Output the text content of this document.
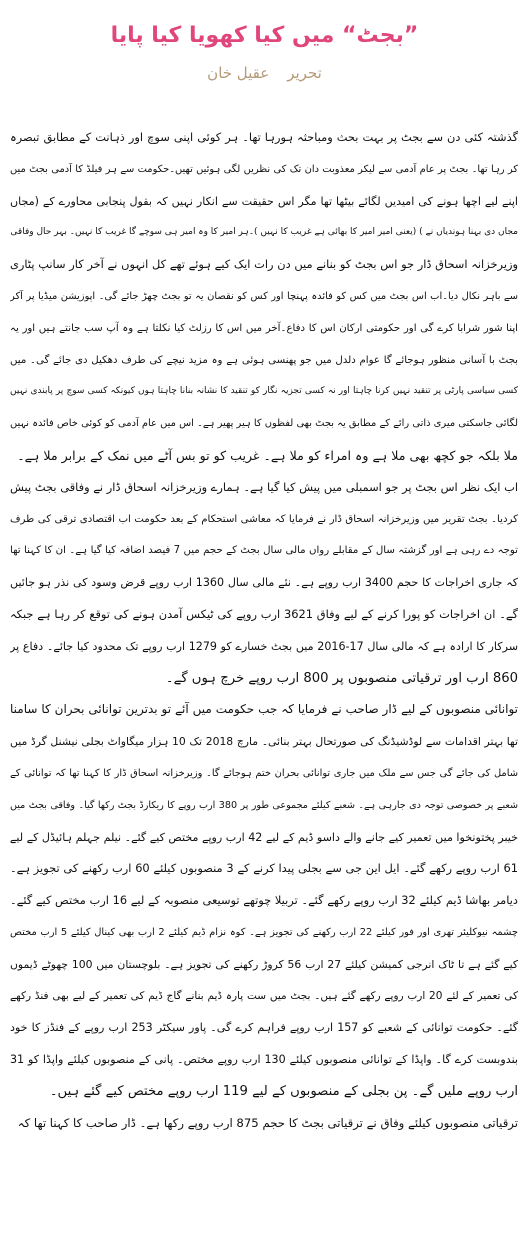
”بجٹ“ میں کیا کھویا کیا پایا
تحریرعقیل خان
گذشتہ کئی دن سے بجٹ پر بہت بحث ومباحثہ ہورہا تھا۔ ہر کوئی اپنی سوچ اور ذہانت کے مطابق تبصرہ
کر رہا تھا۔ بجٹ پر عام آدمی سے لیکر معذوبت دان تک کی نظریں لگی ہوئیں تھیں۔حکومت سے ہر فیلڈ کا آدمی بجٹ میں
اپنے لیے اچھا ہونے کی امیدیں لگائے بیٹھا تھا مگر اس حقیقت سے انکار نہیں کہ بقول پنجابی محاورے کے (مجاں
مجاں دی بہنا ہوندیاں نے ) (یعنی امیر امیر کا بھائی ہے غریب کا نہیں )۔ہر امیر کا وہ امیر ہی سوچے گا غریب کا نہیں۔ بہر حال وفاقی
وزیرخزانہ اسحاق ڈار جو اس بجٹ کو بنانے میں دن رات ایک کیے ہوئے تھے کل انہوں نے آخر کار سانپ پٹاری
سے باہر نکال دیا۔اب اس بجٹ میں کس کو فائدہ پہنچا اور کس کو نقصان یہ تو بجٹ چھڑ جائے گی۔ اپوزیشن میڈیا پر آکر
اپنا شور شرابا کرے گی اور حکومتی ارکان اس کا دفاع۔آخر میں اس کا رزلٹ کیا نکلتا ہے وہ آپ سب جانتے ہیں اور یہ
بجٹ با آسانی منظور ہوجائے گا عوام دلدل میں جو پھنسی ہوئی ہے وہ مزید نیچے کی طرف دھکیل دی جائے گی۔ میں
کسی سیاسی پارٹی پر تنقید نہیں کرنا چاہتا اور نہ کسی تجزیہ نگار کو تنقید کا نشانہ بنانا چاہتا ہوں کیونکہ کسی سوچ پر پابندی نہیں
لگائی جاسکتی میری ذاتی رائے کے مطابق یہ بجٹ بھی لفظوں کا ہیر پھیر ہے۔ اس میں عام آدمی کو کوئی خاص فائدہ نہیں
ملا بلکہ جو کچھ بھی ملا ہے وہ امراء کو ملا ہے۔ غریب کو تو بس آٹے میں نمک کے برابر ملا ہے۔
اب ایک نظر اس بجٹ پر جو اسمبلی میں پیش کیا گیا ہے۔ ہمارے وزیرخزانہ اسحاق ڈار نے وفاقی بجٹ پیش
کردیا۔ بجٹ تقریر میں وزیرخزانہ اسحاق ڈار نے فرمایا کہ معاشی استحکام کے بعد حکومت اب اقتصادی ترقی کی طرف
توجہ دے رہی ہے اور گزشتہ سال کے مقابلے رواں مالی سال بجٹ کے حجم میں 7 فیصد اضافہ کیا گیا ہے۔ ان کا کہنا تھا
کہ جاری اخراجات کا حجم 3400 ارب روپے ہے۔ نئے مالی سال 1360 ارب روپے قرض وسود کی نذر ہو جائیں
گے۔ ان اخراجات کو پورا کرنے کے لیے وفاق 3621 ارب روپے کی ٹیکس آمدن ہونے کی توقع کر رہا ہے جبکہ
سرکار کا ارادہ ہے کہ مالی سال 17-2016 میں بجٹ خسارے کو 1279 ارب روپے تک محدود کیا جائے۔ دفاع پر
860 ارب اور ترقیاتی منصوبوں پر 800 ارب روپے خرچ ہوں گے۔
توانائی منصوبوں کے لیے ڈار صاحب نے فرمایا کہ جب حکومت میں آئے تو بدترین توانائی بحران کا سامنا
تھا بہتر اقدامات سے لوڈشیڈنگ کی صورتحال بہتر بنائی۔ مارچ 2018 تک 10 ہزار میگاواٹ بجلی نیشنل گرڈ میں
شامل کی جائے گی جس سے ملک میں جاری توانائی بحران ختم ہوجائے گا۔ وزیرخزانہ اسحاق ڈار کا کہنا تھا کہ توانائی کے
شعبے پر خصوصی توجہ دی جارہی ہے۔ شعبے کیلئے مجموعی طور پر 380 ارب روپے کا ریکارڈ بجٹ رکھا گیا۔ وفاقی بجٹ میں
خیبر پختونخوا میں تعمیر کیے جانے والے داسو ڈیم کے لیے 42 ارب روپے مختص کیے گئے۔ نیلم جہلم ہائیڈل کے لیے
61 ارب روپے رکھے گئے۔ ایل این جی سے بجلی پیدا کرنے کے 3 منصوبوں کیلئے 60 ارب رکھنے کی تجویز ہے۔
دیامر بھاشا ڈیم کیلئے 32 ارب روپے رکھے گئے۔ تربیلا چوتھے توسیعی منصوبہ کے لیے 16 ارب مختص کیے گئے۔
چشمہ نیوکلیئر تھری اور فور کیلئے 22 ارب رکھنے کی تجویز ہے۔ کوہ نزام ڈیم کیلئے 2 ارب بھی کینال کیلئے 5 ارب مختص
کیے گئے ہے تا ٹاک انرجی کمیشن کیلئے 27 ارب 56 کروڑ رکھنے کی تجویز ہے۔ بلوچستان میں 100 چھوٹے ڈیموں
کی تعمیر کے لئے 20 ارب روپے رکھے گئے ہیں۔ بجٹ میں ست پارہ ڈیم بنانے گاج ڈیم کی تعمیر کے لیے بھی فنڈ رکھے
گئے۔ حکومت توانائی کے شعبے کو 157 ارب روپے فراہم کرے گی۔ پاور سیکٹر 253 ارب روپے کے فنڈز کا خود
بندوبست کرے گا۔ واپڈا کے توانائی منصوبوں کیلئے 130 ارب روپے مختص۔ پانی کے منصوبوں کیلئے واپڈا کو 31
ارب روپے ملیں گے۔ پن بجلی کے منصوبوں کے لیے 119 ارب روپے مختص کیے گئے ہیں۔
ترقیاتی منصوبوں کیلئے وفاق نے ترقیاتی بجٹ کا حجم 875 ارب روپے رکھا ہے۔ ڈار صاحب کا کہنا تھا کہ
